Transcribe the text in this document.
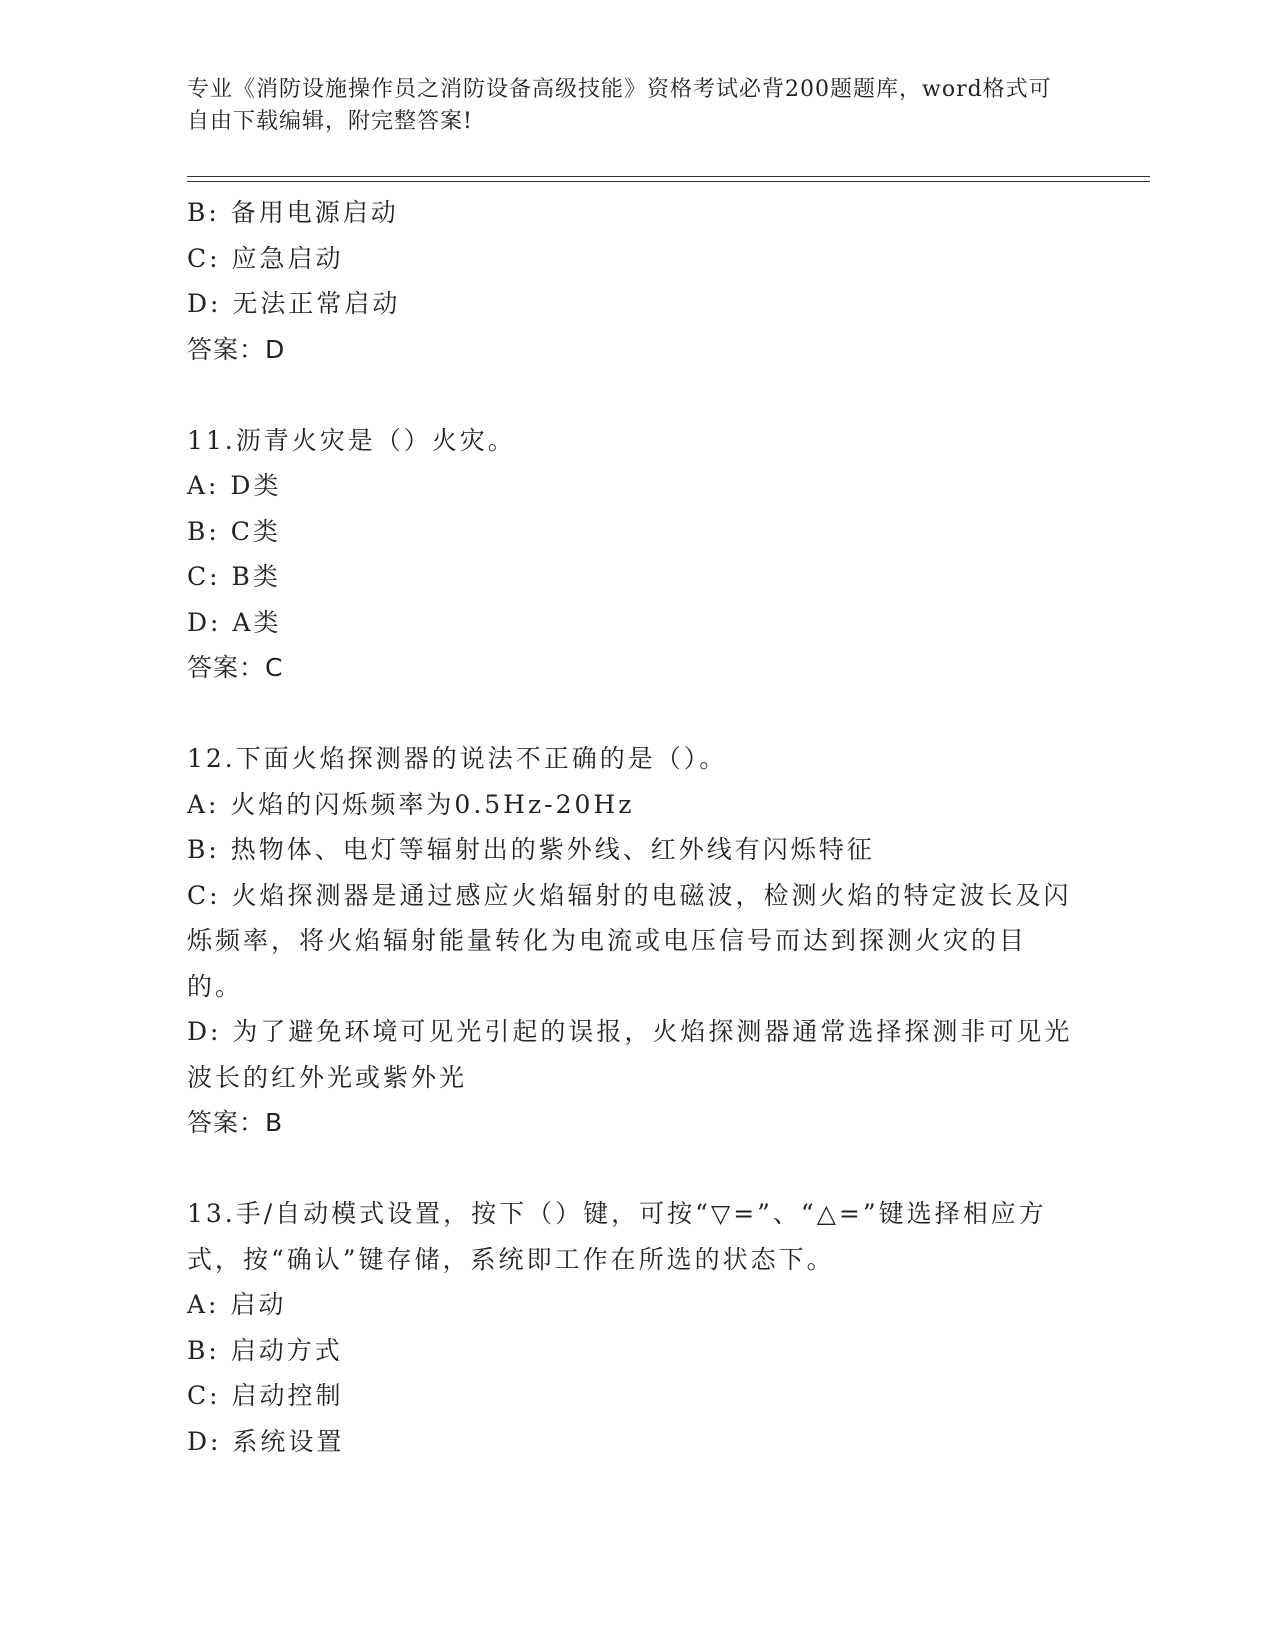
专业《消防设施操作员之消防设备高级技能》资格考试必背200题题库，word格式可自由下载编辑，附完整答案!
B: 备用电源启动
C: 应急启动
D: 无法正常启动
答案：D
11.沥青火灾是（）火灾。
A: D类
B: C类
C: B类
D: A类
答案：C
12.下面火焰探测器的说法不正确的是（）。
A: 火焰的闪烁频率为0.5Hz-20Hz
B: 热物体、电灯等辐射出的紫外线、红外线有闪烁特征
C: 火焰探测器是通过感应火焰辐射的电磁波，检测火焰的特定波长及闪烁频率，将火焰辐射能量转化为电流或电压信号而达到探测火灾的目的。
D: 为了避免环境可见光引起的误报，火焰探测器通常选择探测非可见光波长的红外光或紫外光
答案：B
13.手/自动模式设置，按下（）键，可按“▽=”、“△=”键选择相应方式，按“确认”键存储，系统即工作在所选的状态下。
A: 启动
B: 启动方式
C: 启动控制
D: 系统设置
